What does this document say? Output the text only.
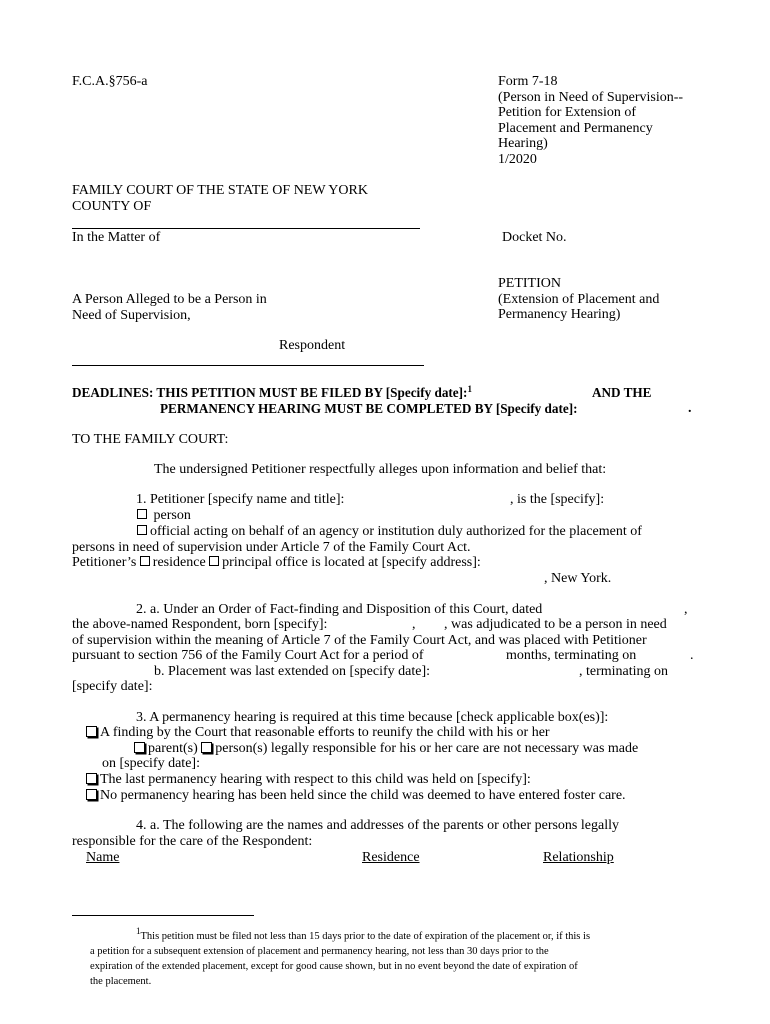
F.C.A.§756-a	Form 7-18
(Person in Need of Supervision--
Petition for Extension of
Placement and Permanency
Hearing)
1/2020
FAMILY COURT OF THE STATE OF NEW YORK
COUNTY OF
In the Matter of	Docket No.
PETITION
(Extension of Placement and
Permanency Hearing)
A Person Alleged to be a Person in
Need of Supervision,
Respondent
DEADLINES: THIS PETITION MUST BE FILED BY [Specify date]:$^1$	AND THE
PERMANENCY HEARING MUST BE COMPLETED BY [Specify date]:	.
TO THE FAMILY COURT:
The undersigned Petitioner respectfully alleges upon information and belief that:
1. Petitioner [specify name and title]:	, is the [specify]:
person
official acting on behalf of an agency or institution duly authorized for the placement of
persons in need of supervision under Article 7 of the Family Court Act.
Petitioner’s residence principal office is located at [specify address]:
, New York.
2. a. Under an Order of Fact-finding and Disposition of this Court, dated	,
the above-named Respondent, born [specify]:	, , was adjudicated to be a person in need
of supervision within the meaning of Article 7 of the Family Court Act, and was placed with Petitioner
pursuant to section 756 of the Family Court Act for a period of	months, terminating on	.
b. Placement was last extended on [specify date]:	, terminating on
[specify date]:
3. A permanency hearing is required at this time because [check applicable box(es)]:
A finding by the Court that reasonable efforts to reunify the child with his or her
parent(s) person(s) legally responsible for his or her care are not necessary was made
on [specify date]:
The last permanency hearing with respect to this child was held on [specify]:
No permanency hearing has been held since the child was deemed to have entered foster care.
4. a. The following are the names and addresses of the parents or other persons legally
responsible for the care of the Respondent:
Name	Residence	Relationship
$^1$This petition must be filed not less than 15 days prior to the date of expiration of the placement or, if this is
a petition for a subsequent extension of placement and permanency hearing, not less than 30 days prior to the
expiration of the extended placement, except for good cause shown, but in no event beyond the date of expiration of
the placement.
